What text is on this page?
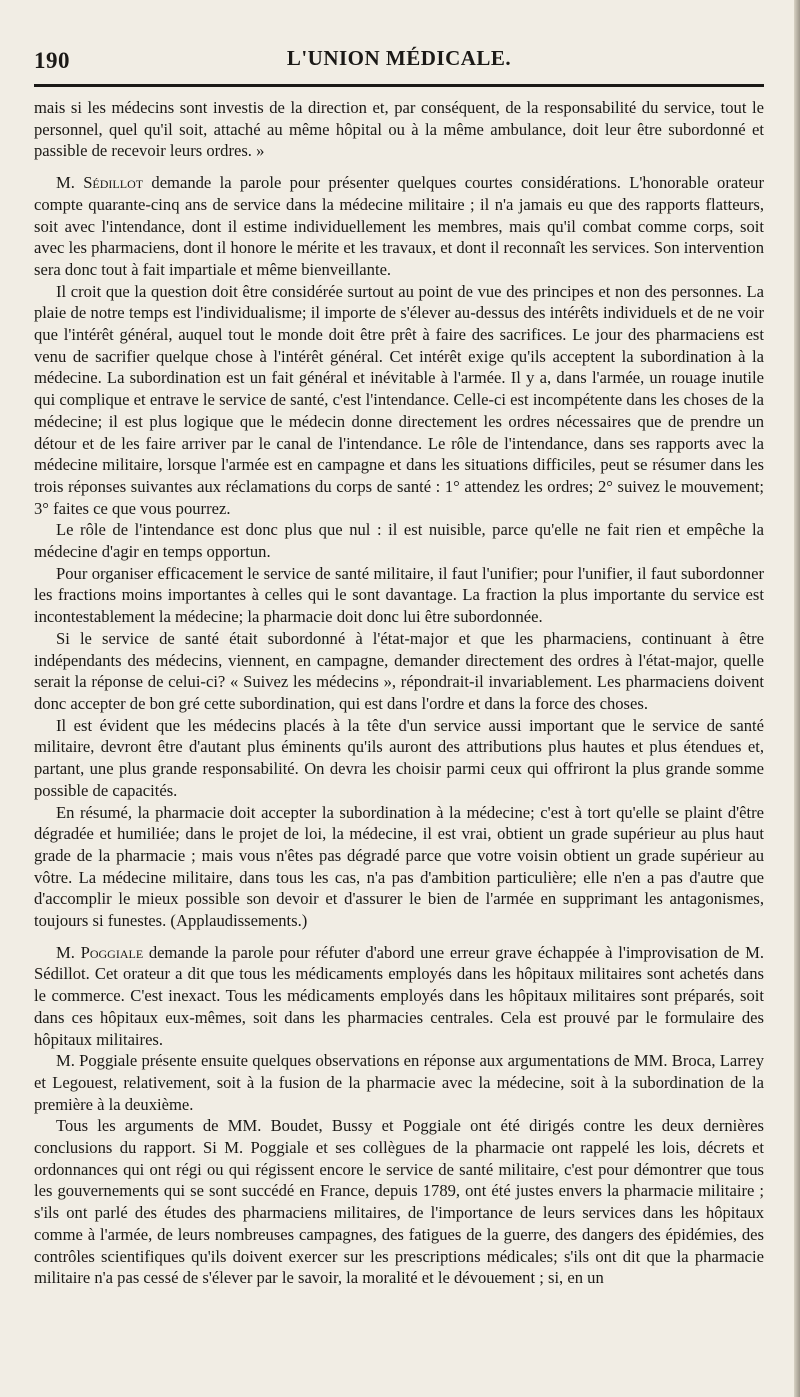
190	L'UNION MÉDICALE.

mais si les médecins sont investis de la direction et, par conséquent, de la responsabilité du service, tout le personnel, quel qu'il soit, attaché au même hôpital ou à la même ambulance, doit leur être subordonné et passible de recevoir leurs ordres. »

M. Sédillot demande la parole pour présenter quelques courtes considérations. L'honorable orateur compte quarante-cinq ans de service dans la médecine militaire ; il n'a jamais eu que des rapports flatteurs, soit avec l'intendance, dont il estime individuellement les membres, mais qu'il combat comme corps, soit avec les pharmaciens, dont il honore le mérite et les travaux, et dont il reconnaît les services. Son intervention sera donc tout à fait impartiale et même bienveillante.

Il croit que la question doit être considérée surtout au point de vue des principes et non des personnes. La plaie de notre temps est l'individualisme; il importe de s'élever au-dessus des intérêts individuels et de ne voir que l'intérêt général, auquel tout le monde doit être prêt à faire des sacrifices. Le jour des pharmaciens est venu de sacrifier quelque chose à l'intérêt général. Cet intérêt exige qu'ils acceptent la subordination à la médecine. La subordination est un fait général et inévitable à l'armée. Il y a, dans l'armée, un rouage inutile qui complique et entrave le service de santé, c'est l'intendance. Celle-ci est incompétente dans les choses de la médecine; il est plus logique que le médecin donne directement les ordres nécessaires que de prendre un détour et de les faire arriver par le canal de l'intendance. Le rôle de l'intendance, dans ses rapports avec la médecine militaire, lorsque l'armée est en campagne et dans les situations difficiles, peut se résumer dans les trois réponses suivantes aux réclamations du corps de santé : 1° attendez les ordres; 2° suivez le mouvement; 3° faites ce que vous pourrez.

Le rôle de l'intendance est donc plus que nul : il est nuisible, parce qu'elle ne fait rien et empêche la médecine d'agir en temps opportun.

Pour organiser efficacement le service de santé militaire, il faut l'unifier; pour l'unifier, il faut subordonner les fractions moins importantes à celles qui le sont davantage. La fraction la plus importante du service est incontestablement la médecine; la pharmacie doit donc lui être subordonnée.

Si le service de santé était subordonné à l'état-major et que les pharmaciens, continuant à être indépendants des médecins, viennent, en campagne, demander directement des ordres à l'état-major, quelle serait la réponse de celui-ci? « Suivez les médecins », répondrait-il invariablement. Les pharmaciens doivent donc accepter de bon gré cette subordination, qui est dans l'ordre et dans la force des choses.

Il est évident que les médecins placés à la tête d'un service aussi important que le service de santé militaire, devront être d'autant plus éminents qu'ils auront des attributions plus hautes et plus étendues et, partant, une plus grande responsabilité. On devra les choisir parmi ceux qui offriront la plus grande somme possible de capacités.

En résumé, la pharmacie doit accepter la subordination à la médecine; c'est à tort qu'elle se plaint d'être dégradée et humiliée; dans le projet de loi, la médecine, il est vrai, obtient un grade supérieur au plus haut grade de la pharmacie ; mais vous n'êtes pas dégradé parce que votre voisin obtient un grade supérieur au vôtre. La médecine militaire, dans tous les cas, n'a pas d'ambition particulière; elle n'en a pas d'autre que d'accomplir le mieux possible son devoir et d'assurer le bien de l'armée en supprimant les antagonismes, toujours si funestes. (Applaudissements.)

M. Poggiale demande la parole pour réfuter d'abord une erreur grave échappée à l'improvisation de M. Sédillot. Cet orateur a dit que tous les médicaments employés dans les hôpitaux militaires sont achetés dans le commerce. C'est inexact. Tous les médicaments employés dans les hôpitaux militaires sont préparés, soit dans ces hôpitaux eux-mêmes, soit dans les pharmacies centrales. Cela est prouvé par le formulaire des hôpitaux militaires.

M. Poggiale présente ensuite quelques observations en réponse aux argumentations de MM. Broca, Larrey et Legouest, relativement, soit à la fusion de la pharmacie avec la médecine, soit à la subordination de la première à la deuxième.

Tous les arguments de MM. Boudet, Bussy et Poggiale ont été dirigés contre les deux dernières conclusions du rapport. Si M. Poggiale et ses collègues de la pharmacie ont rappelé les lois, décrets et ordonnances qui ont régi ou qui régissent encore le service de santé militaire, c'est pour démontrer que tous les gouvernements qui se sont succédé en France, depuis 1789, ont été justes envers la pharmacie militaire ; s'ils ont parlé des études des pharmaciens militaires, de l'importance de leurs services dans les hôpitaux comme à l'armée, de leurs nombreuses campagnes, des fatigues de la guerre, des dangers des épidémies, des contrôles scientifiques qu'ils doivent exercer sur les prescriptions médicales; s'ils ont dit que la pharmacie militaire n'a pas cessé de s'élever par le savoir, la moralité et le dévouement ; si, en un
